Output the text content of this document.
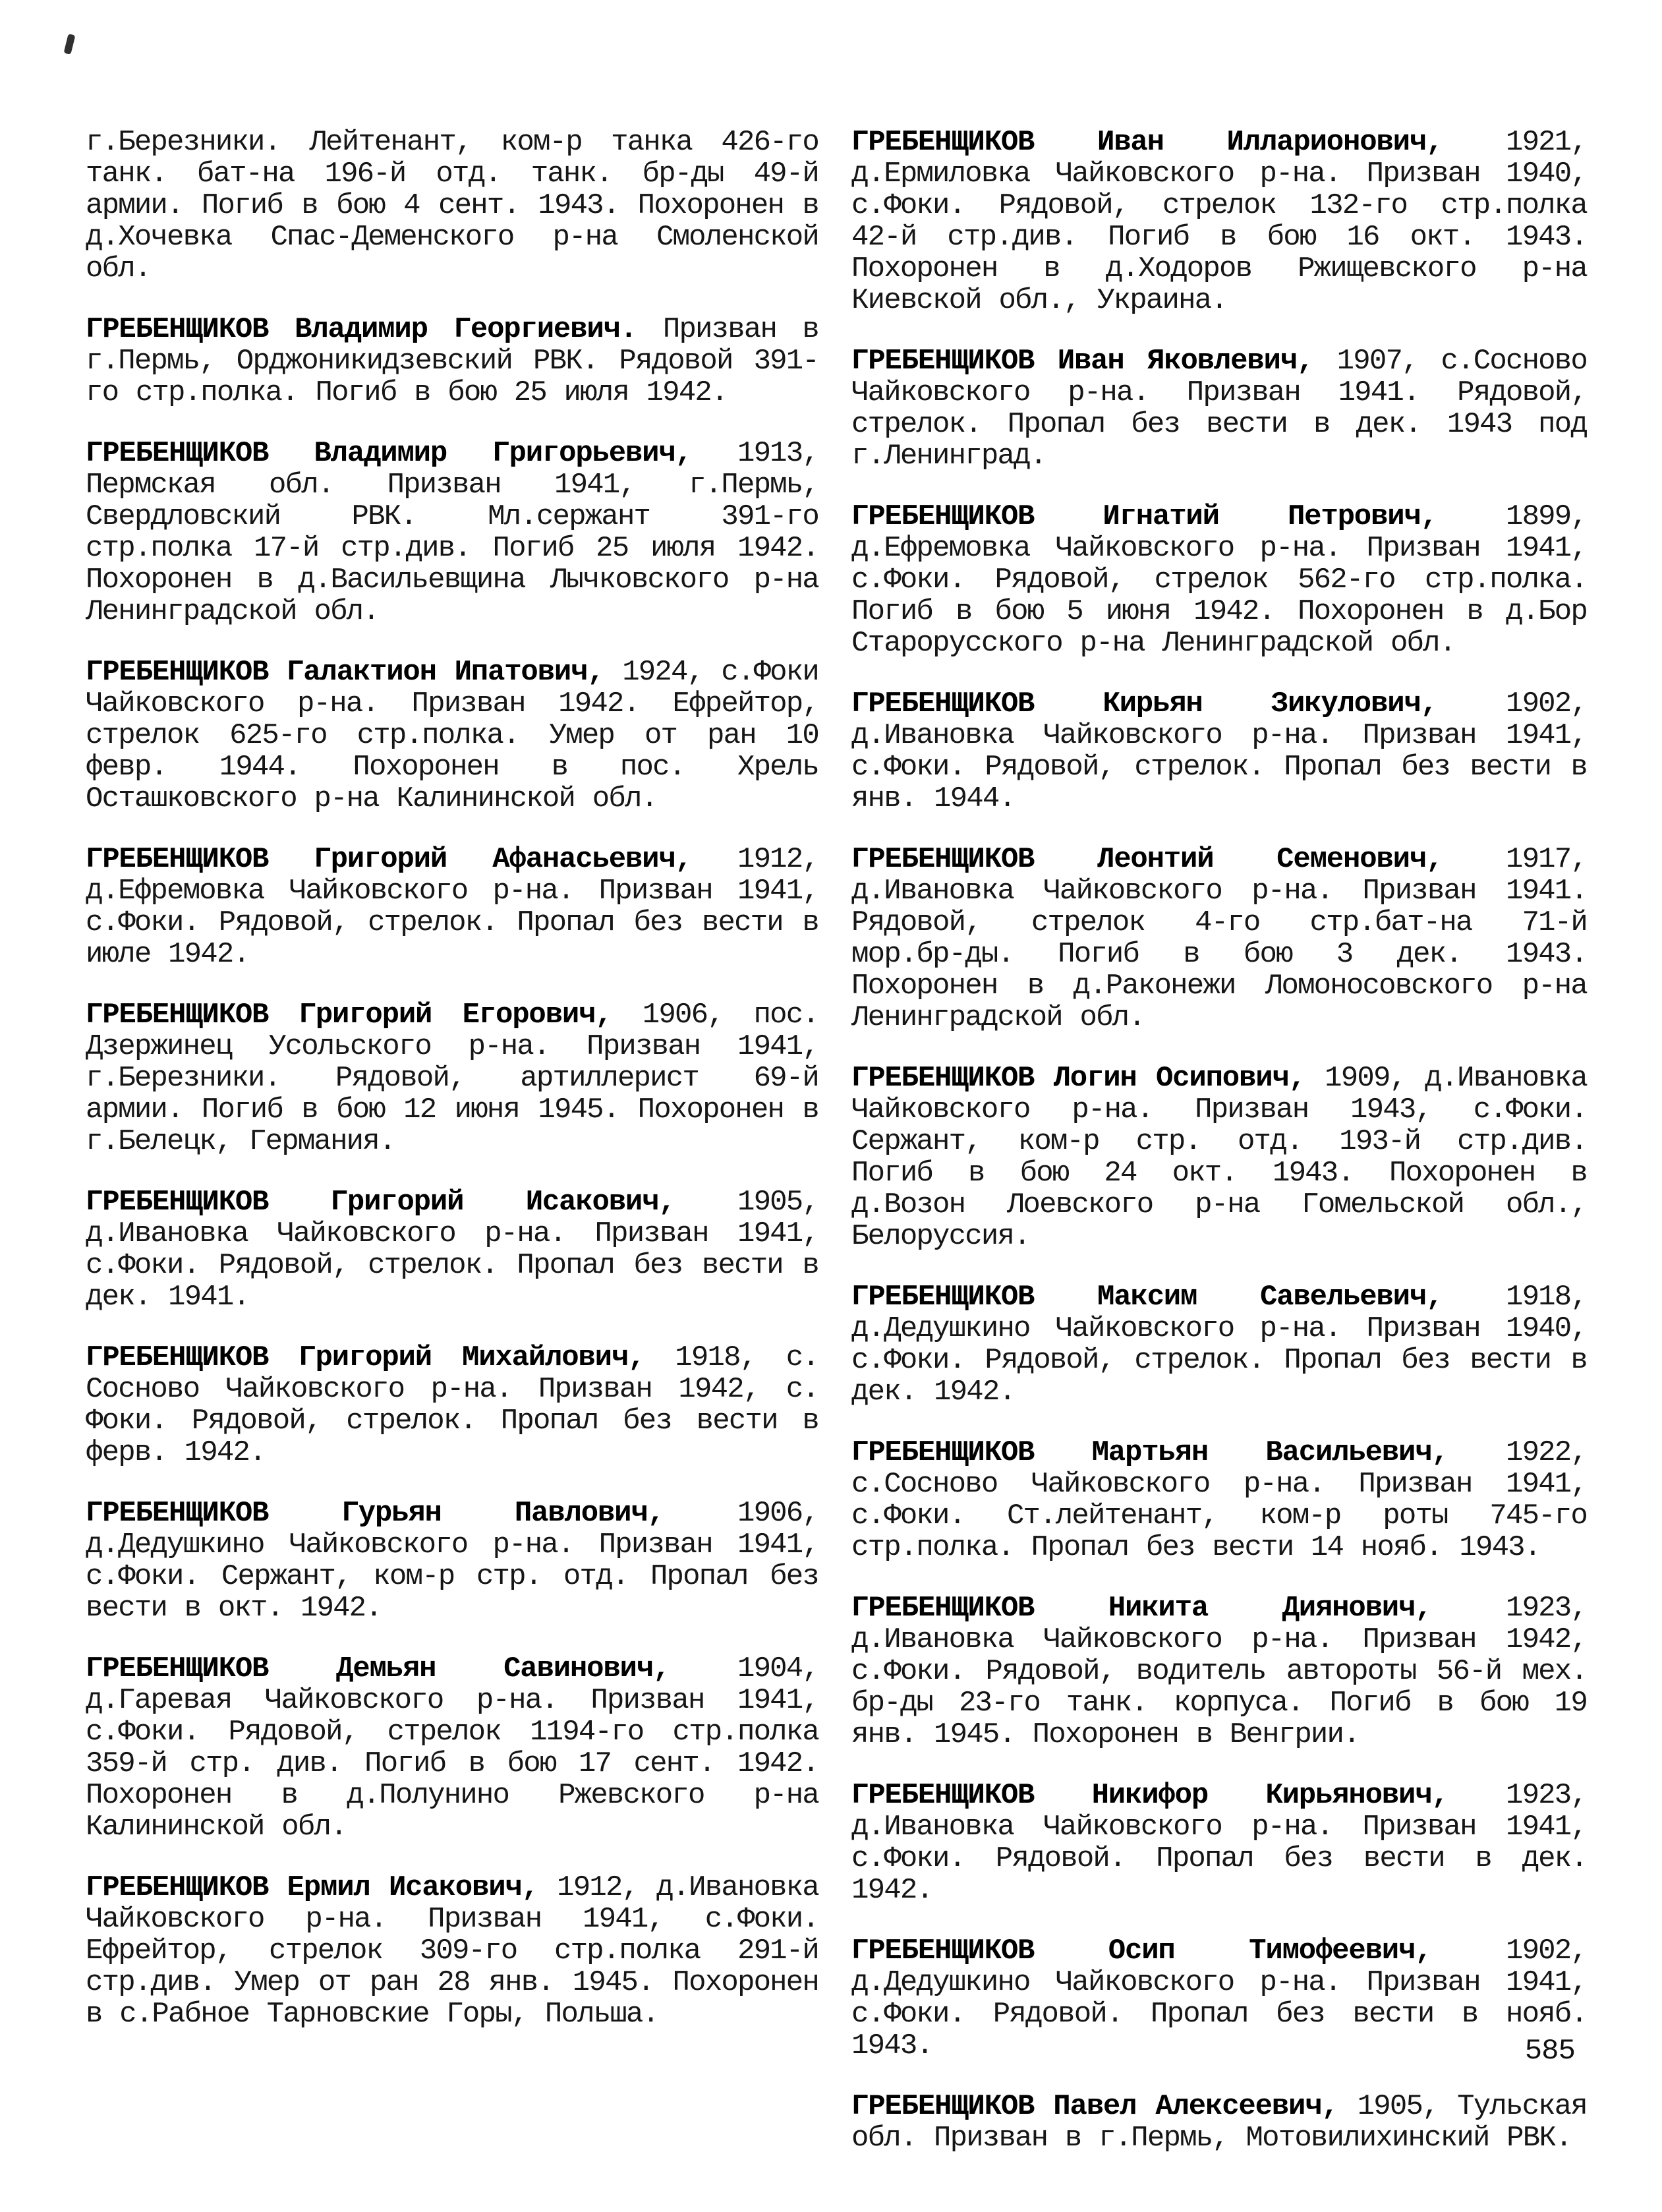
г.Березники. Лейтенант, ком-р танка 426-го танк. бат-на 196-й отд. танк. бр-ды 49-й армии. Погиб в бою 4 сент. 1943. Похоронен в д.Хочевка Спас-Деменского р-на Смоленской обл.

ГРЕБЕНЩИКОВ Владимир Георгиевич. Призван в г.Пермь, Орджоникидзевский РВК. Рядовой 391-го стр.полка. Погиб в бою 25 июля 1942.

ГРЕБЕНЩИКОВ Владимир Григорьевич, 1913, Пермская обл. Призван 1941, г.Пермь, Свердловский РВК. Мл.сержант 391-го стр.полка 17-й стр.див. Погиб 25 июля 1942. Похоронен в д.Васильевщина Лычковского р-на Ленинградской обл.

ГРЕБЕНЩИКОВ Галактион Ипатович, 1924, с.Фоки Чайковского р-на. Призван 1942. Ефрейтор, стрелок 625-го стр.полка. Умер от ран 10 февр. 1944. Похоронен в пос. Хрель Осташковского р-на Калининской обл.

ГРЕБЕНЩИКОВ Григорий Афанасьевич, 1912, д.Ефремовка Чайковского р-на. Призван 1941, с.Фоки. Рядовой, стрелок. Пропал без вести в июле 1942.

ГРЕБЕНЩИКОВ Григорий Егорович, 1906, пос. Дзержинец Усольского р-на. Призван 1941, г.Березники. Рядовой, артиллерист 69-й армии. Погиб в бою 12 июня 1945. Похоронен в г.Белецк, Германия.

ГРЕБЕНЩИКОВ Григорий Исакович, 1905, д.Ивановка Чайковского р-на. Призван 1941, с.Фоки. Рядовой, стрелок. Пропал без вести в дек. 1941.

ГРЕБЕНЩИКОВ Григорий Михайлович, 1918, с. Сосново Чайковского р-на. Призван 1942, с. Фоки. Рядовой, стрелок. Пропал без вести в ферв. 1942.

ГРЕБЕНЩИКОВ Гурьян Павлович, 1906, д.Дедушкино Чайковского р-на. Призван 1941, с.Фоки. Сержант, ком-р стр. отд. Пропал без вести в окт. 1942.

ГРЕБЕНЩИКОВ Демьян Савинович, 1904, д.Гаревая Чайковского р-на. Призван 1941, с.Фоки. Рядовой, стрелок 1194-го стр.полка 359-й стр. див. Погиб в бою 17 сент. 1942. Похоронен в д.Полунино Ржевского р-на Калининской обл.

ГРЕБЕНЩИКОВ Ермил Исакович, 1912, д.Ивановка Чайковского р-на. Призван 1941, с.Фоки. Ефрейтор, стрелок 309-го стр.полка 291-й стр.див. Умер от ран 28 янв. 1945. Похоронен в с.Рабное Тарновские Горы, Польша.

ГРЕБЕНЩИКОВ Иван Илларионович, 1921, д.Ермиловка Чайковского р-на. Призван 1940, с.Фоки. Рядовой, стрелок 132-го стр.полка 42-й стр.див. Погиб в бою 16 окт. 1943. Похоронен в д.Ходоров Ржищевского р-на Киевской обл., Украина.

ГРЕБЕНЩИКОВ Иван Яковлевич, 1907, с.Сосново Чайковского р-на. Призван 1941. Рядовой, стрелок. Пропал без вести в дек. 1943 под г.Ленинград.

ГРЕБЕНЩИКОВ Игнатий Петрович, 1899, д.Ефремовка Чайковского р-на. Призван 1941, с.Фоки. Рядовой, стрелок 562-го стр.полка. Погиб в бою 5 июня 1942. Похоронен в д.Бор Старорусского р-на Ленинградской обл.

ГРЕБЕНЩИКОВ Кирьян Зикулович, 1902, д.Ивановка Чайковского р-на. Призван 1941, с.Фоки. Рядовой, стрелок. Пропал без вести в янв. 1944.

ГРЕБЕНЩИКОВ Леонтий Семенович, 1917, д.Ивановка Чайковского р-на. Призван 1941. Рядовой, стрелок 4-го стр.бат-на 71-й мор.бр-ды. Погиб в бою 3 дек. 1943. Похоронен в д.Раконежи Ломоносовского р-на Ленинградской обл.

ГРЕБЕНЩИКОВ Логин Осипович, 1909, д.Ивановка Чайковского р-на. Призван 1943, с.Фоки. Сержант, ком-р стр. отд. 193-й стр.див. Погиб в бою 24 окт. 1943. Похоронен в д.Возон Лоевского р-на Гомельской обл., Белоруссия.

ГРЕБЕНЩИКОВ Максим Савельевич, 1918, д.Дедушкино Чайковского р-на. Призван 1940, с.Фоки. Рядовой, стрелок. Пропал без вести в дек. 1942.

ГРЕБЕНЩИКОВ Мартьян Васильевич, 1922, с.Сосново Чайковского р-на. Призван 1941, с.Фоки. Ст.лейтенант, ком-р роты 745-го стр.полка. Пропал без вести 14 нояб. 1943.

ГРЕБЕНЩИКОВ Никита Диянович, 1923, д.Ивановка Чайковского р-на. Призван 1942, с.Фоки. Рядовой, водитель автороты 56-й мех. бр-ды 23-го танк. корпуса. Погиб в бою 19 янв. 1945. Похоронен в Венгрии.

ГРЕБЕНЩИКОВ Никифор Кирьянович, 1923, д.Ивановка Чайковского р-на. Призван 1941, с.Фоки. Рядовой. Пропал без вести в дек. 1942.

ГРЕБЕНЩИКОВ Осип Тимофеевич, 1902, д.Дедушкино Чайковского р-на. Призван 1941, с.Фоки. Рядовой. Пропал без вести в нояб. 1943.

ГРЕБЕНЩИКОВ Павел Алексеевич, 1905, Тульская обл. Призван в г.Пермь, Мотовилихинский РВК.

585
